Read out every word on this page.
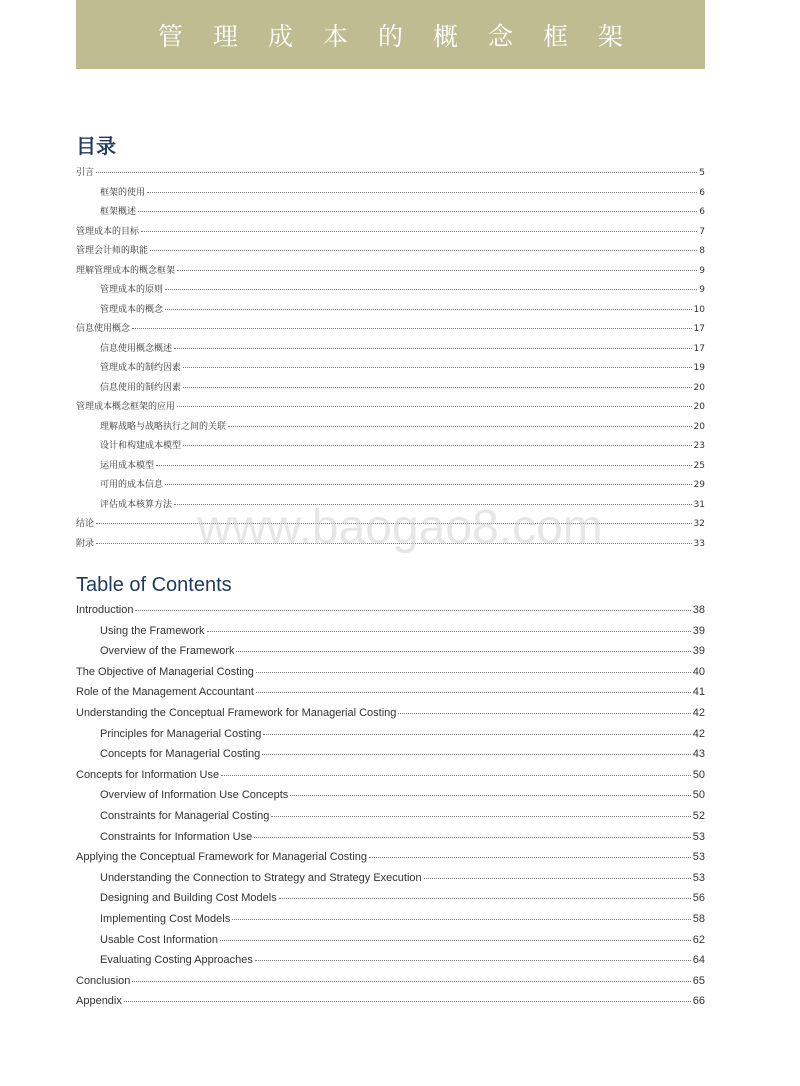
管理成本的概念框架
目录
引言	5
框架的使用	6
框架概述	6
管理成本的目标	7
管理会计师的职能	8
理解管理成本的概念框架	9
管理成本的原则	9
管理成本的概念	10
信息使用概念	17
信息使用概念概述	17
管理成本的制约因素	19
信息使用的制约因素	20
管理成本概念框架的应用	20
理解战略与战略执行之间的关联	20
设计和构建成本模型	23
运用成本模型	25
可用的成本信息	29
评估成本核算方法	31
结论	32
附录	33
Table of Contents
Introduction	38
Using the Framework	39
Overview of the Framework	39
The Objective of Managerial Costing	40
Role of the Management Accountant	41
Understanding the Conceptual Framework for Managerial Costing	42
Principles for Managerial Costing	42
Concepts for Managerial Costing	43
Concepts for Information Use	50
Overview of Information Use Concepts	50
Constraints for Managerial Costing	52
Constraints for Information Use	53
Applying the Conceptual Framework for Managerial Costing	53
Understanding the Connection to Strategy and Strategy Execution	53
Designing and Building Cost Models	56
Implementing Cost Models	58
Usable Cost Information	62
Evaluating Costing Approaches	64
Conclusion	65
Appendix	66
www.baogao8.com
